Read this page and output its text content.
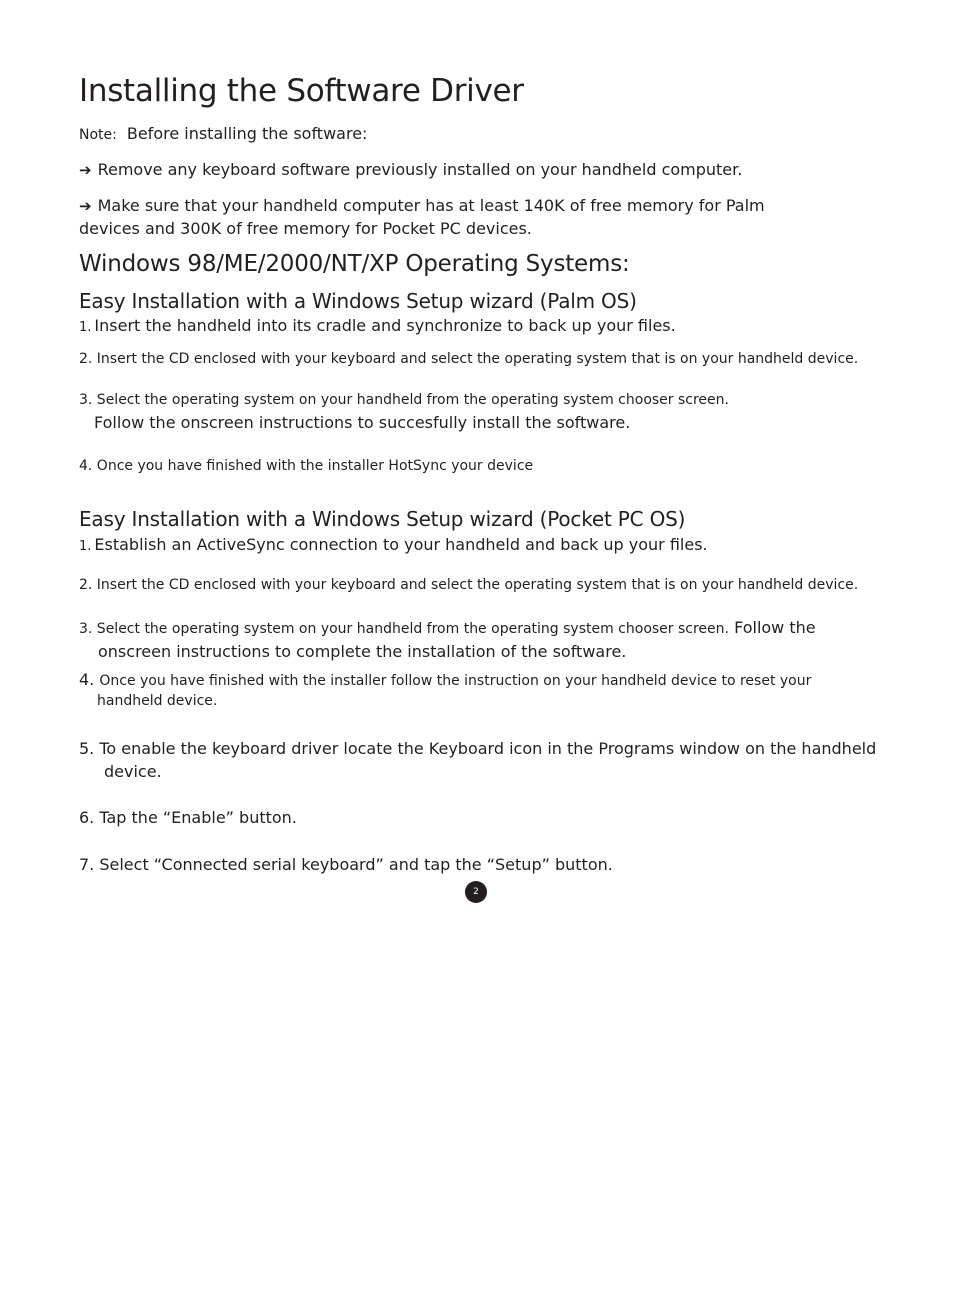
Installing the Software Driver
Note: Before installing the software:
➔ Remove any keyboard software previously installed on your handheld computer.
➔ Make sure that your handheld computer has at least 140K of free memory for Palm
devices and 300K of free memory for Pocket PC devices.
Windows 98/ME/2000/NT/XP Operating Systems:
Easy Installation with a Windows Setup wizard (Palm OS)
1. Insert the handheld into its cradle and synchronize to back up your files.
2. Insert the CD enclosed with your keyboard and select the operating system that is on your handheld device.
3. Select the operating system on your handheld from the operating system chooser screen.
Follow the onscreen instructions to succesfully install the software.
4. Once you have finished with the installer HotSync your device
Easy Installation with a Windows Setup wizard (Pocket PC OS)
1. Establish an ActiveSync connection to your handheld and back up your files.
2. Insert the CD enclosed with your keyboard and select the operating system that is on your handheld device.
3. Select the operating system on your handheld from the operating system chooser screen. Follow the
onscreen instructions to complete the installation of the software.
4. Once you have finished with the installer follow the instruction on your handheld device to reset your
handheld device.
5. To enable the keyboard driver locate the Keyboard icon in the Programs window on the handheld
device.
6. Tap the “Enable” button.
7. Select “Connected serial keyboard” and tap the “Setup” button.
2
